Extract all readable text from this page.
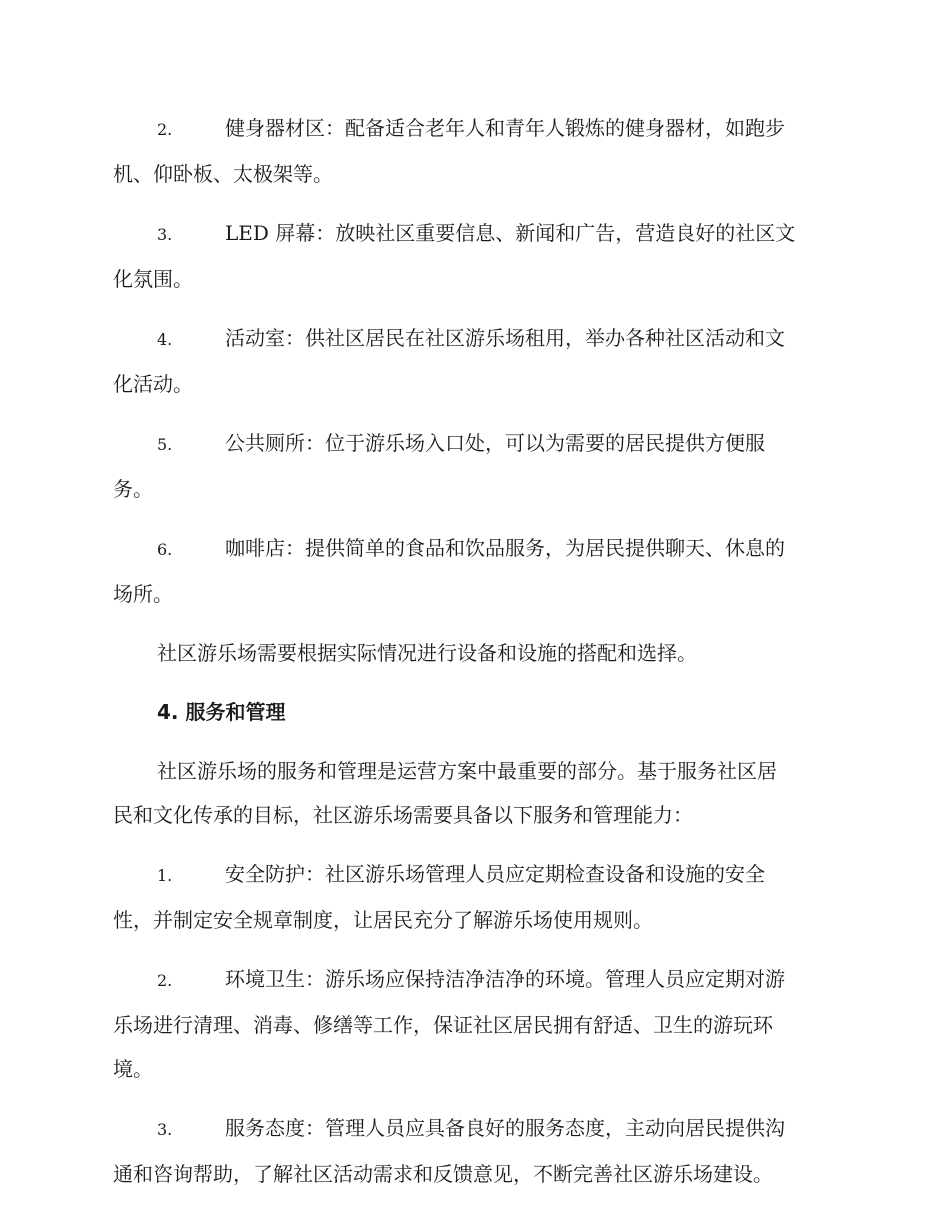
2.	健身器材区：配备适合老年人和青年人锻炼的健身器材，如跑步
机、仰卧板、太极架等。
3.	LED 屏幕：放映社区重要信息、新闻和广告，营造良好的社区文
化氛围。
4.	活动室：供社区居民在社区游乐场租用，举办各种社区活动和文
化活动。
5.	公共厕所：位于游乐场入口处，可以为需要的居民提供方便服
务。
6.	咖啡店：提供简单的食品和饮品服务，为居民提供聊天、休息的
场所。
社区游乐场需要根据实际情况进行设备和设施的搭配和选择。
4. 服务和管理
社区游乐场的服务和管理是运营方案中最重要的部分。基于服务社区居
民和文化传承的目标，社区游乐场需要具备以下服务和管理能力：
1.	安全防护：社区游乐场管理人员应定期检查设备和设施的安全
性，并制定安全规章制度，让居民充分了解游乐场使用规则。
2.	环境卫生：游乐场应保持洁净洁净的环境。管理人员应定期对游
乐场进行清理、消毒、修缮等工作，保证社区居民拥有舒适、卫生的游玩环
境。
3.	服务态度：管理人员应具备良好的服务态度，主动向居民提供沟
通和咨询帮助，了解社区活动需求和反馈意见，不断完善社区游乐场建设。
